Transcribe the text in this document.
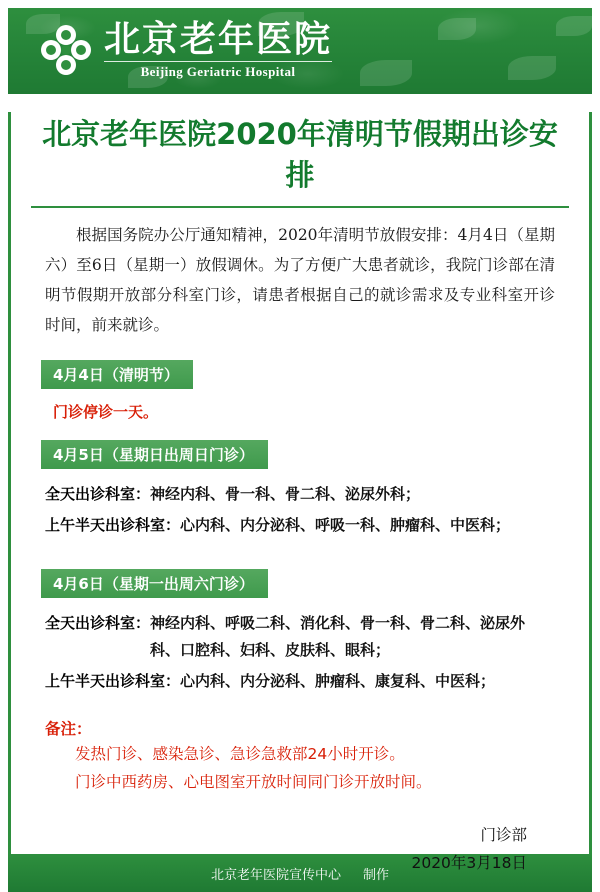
北京老年医院
Beijing Geriatric Hospital
北京老年医院2020年清明节假期出诊安排
根据国务院办公厅通知精神，2020年清明节放假安排：4月4日（星期六）至6日（星期一）放假调休。为了方便广大患者就诊，我院门诊部在清明节假期开放部分科室门诊，请患者根据自己的就诊需求及专业科室开诊时间，前来就诊。
4月4日（清明节）
门诊停诊一天。
4月5日（星期日出周日门诊）
全天出诊科室： 神经内科、骨一科、骨二科、泌尿外科；
上午半天出诊科室： 心内科、内分泌科、呼吸一科、肿瘤科、中医科；
4月6日（星期一出周六门诊）
全天出诊科室： 神经内科、呼吸二科、消化科、骨一科、骨二科、泌尿外科、口腔科、妇科、皮肤科、眼科；
上午半天出诊科室： 心内科、内分泌科、肿瘤科、康复科、中医科；
备注：
发热门诊、感染急诊、急诊急救部24小时开诊。
门诊中西药房、心电图室开放时间同门诊开放时间。
门诊部
2020年3月18日
北京老年医院宣传中心 制作
